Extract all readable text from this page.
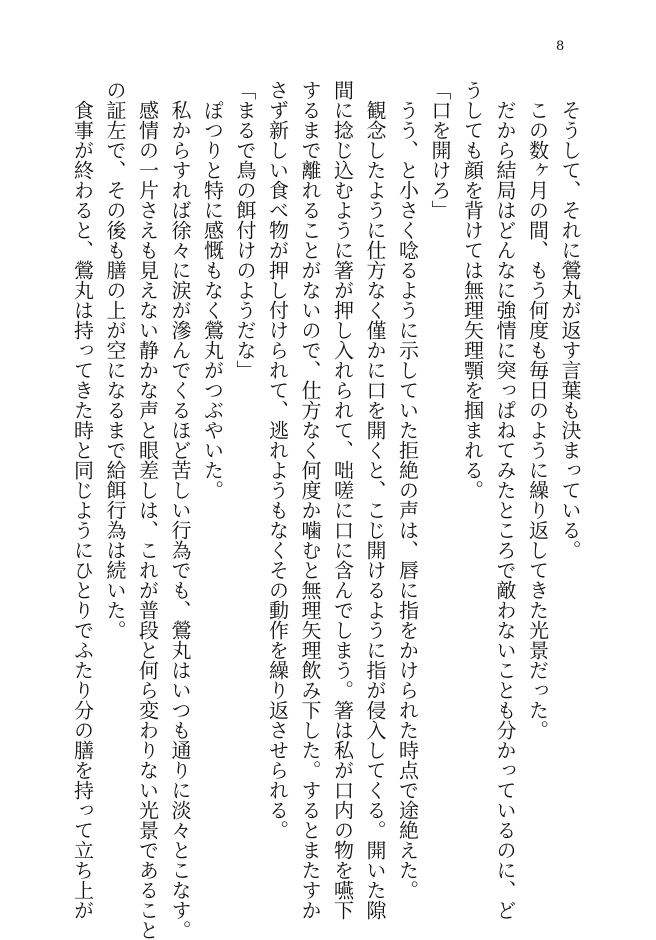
8
　そうして、それに鶯丸が返す言葉も決まっている。
　この数ヶ月の間、もう何度も毎日のように繰り返してきた光景だった。
　だから結局はどんなに強情に突っぱねてみたところで敵わないことも分かっているのに、ど
うしても顔を背けては無理矢理顎を掴まれる。
「口を開けろ」
　うう、と小さく唸るように示していた拒絶の声は、唇に指をかけられた時点で途絶えた。
　観念したように仕方なく僅かに口を開くと、こじ開けるように指が侵入してくる。開いた隙
間に捻じ込むように箸が押し入れられて、咄嗟に口に含んでしまう。箸は私が口内の物を嚥下
するまで離れることがないので、仕方なく何度か噛むと無理矢理飲み下した。するとまたすか
さず新しい食べ物が押し付けられて、逃れようもなくその動作を繰り返させられる。
「まるで鳥の餌付けのようだな」
　ぽつりと特に感慨もなく鶯丸がつぶやいた。
　私からすれば徐々に涙が滲んでくるほど苦しい行為でも、鶯丸はいつも通りに淡々とこなす。
　感情の一片さえも見えない静かな声と眼差しは、これが普段と何ら変わりない光景であること
の証左で、その後も膳の上が空になるまで給餌行為は続いた。
　食事が終わると、鶯丸は持ってきた時と同じようにひとりでふたり分の膳を持って立ち上が
